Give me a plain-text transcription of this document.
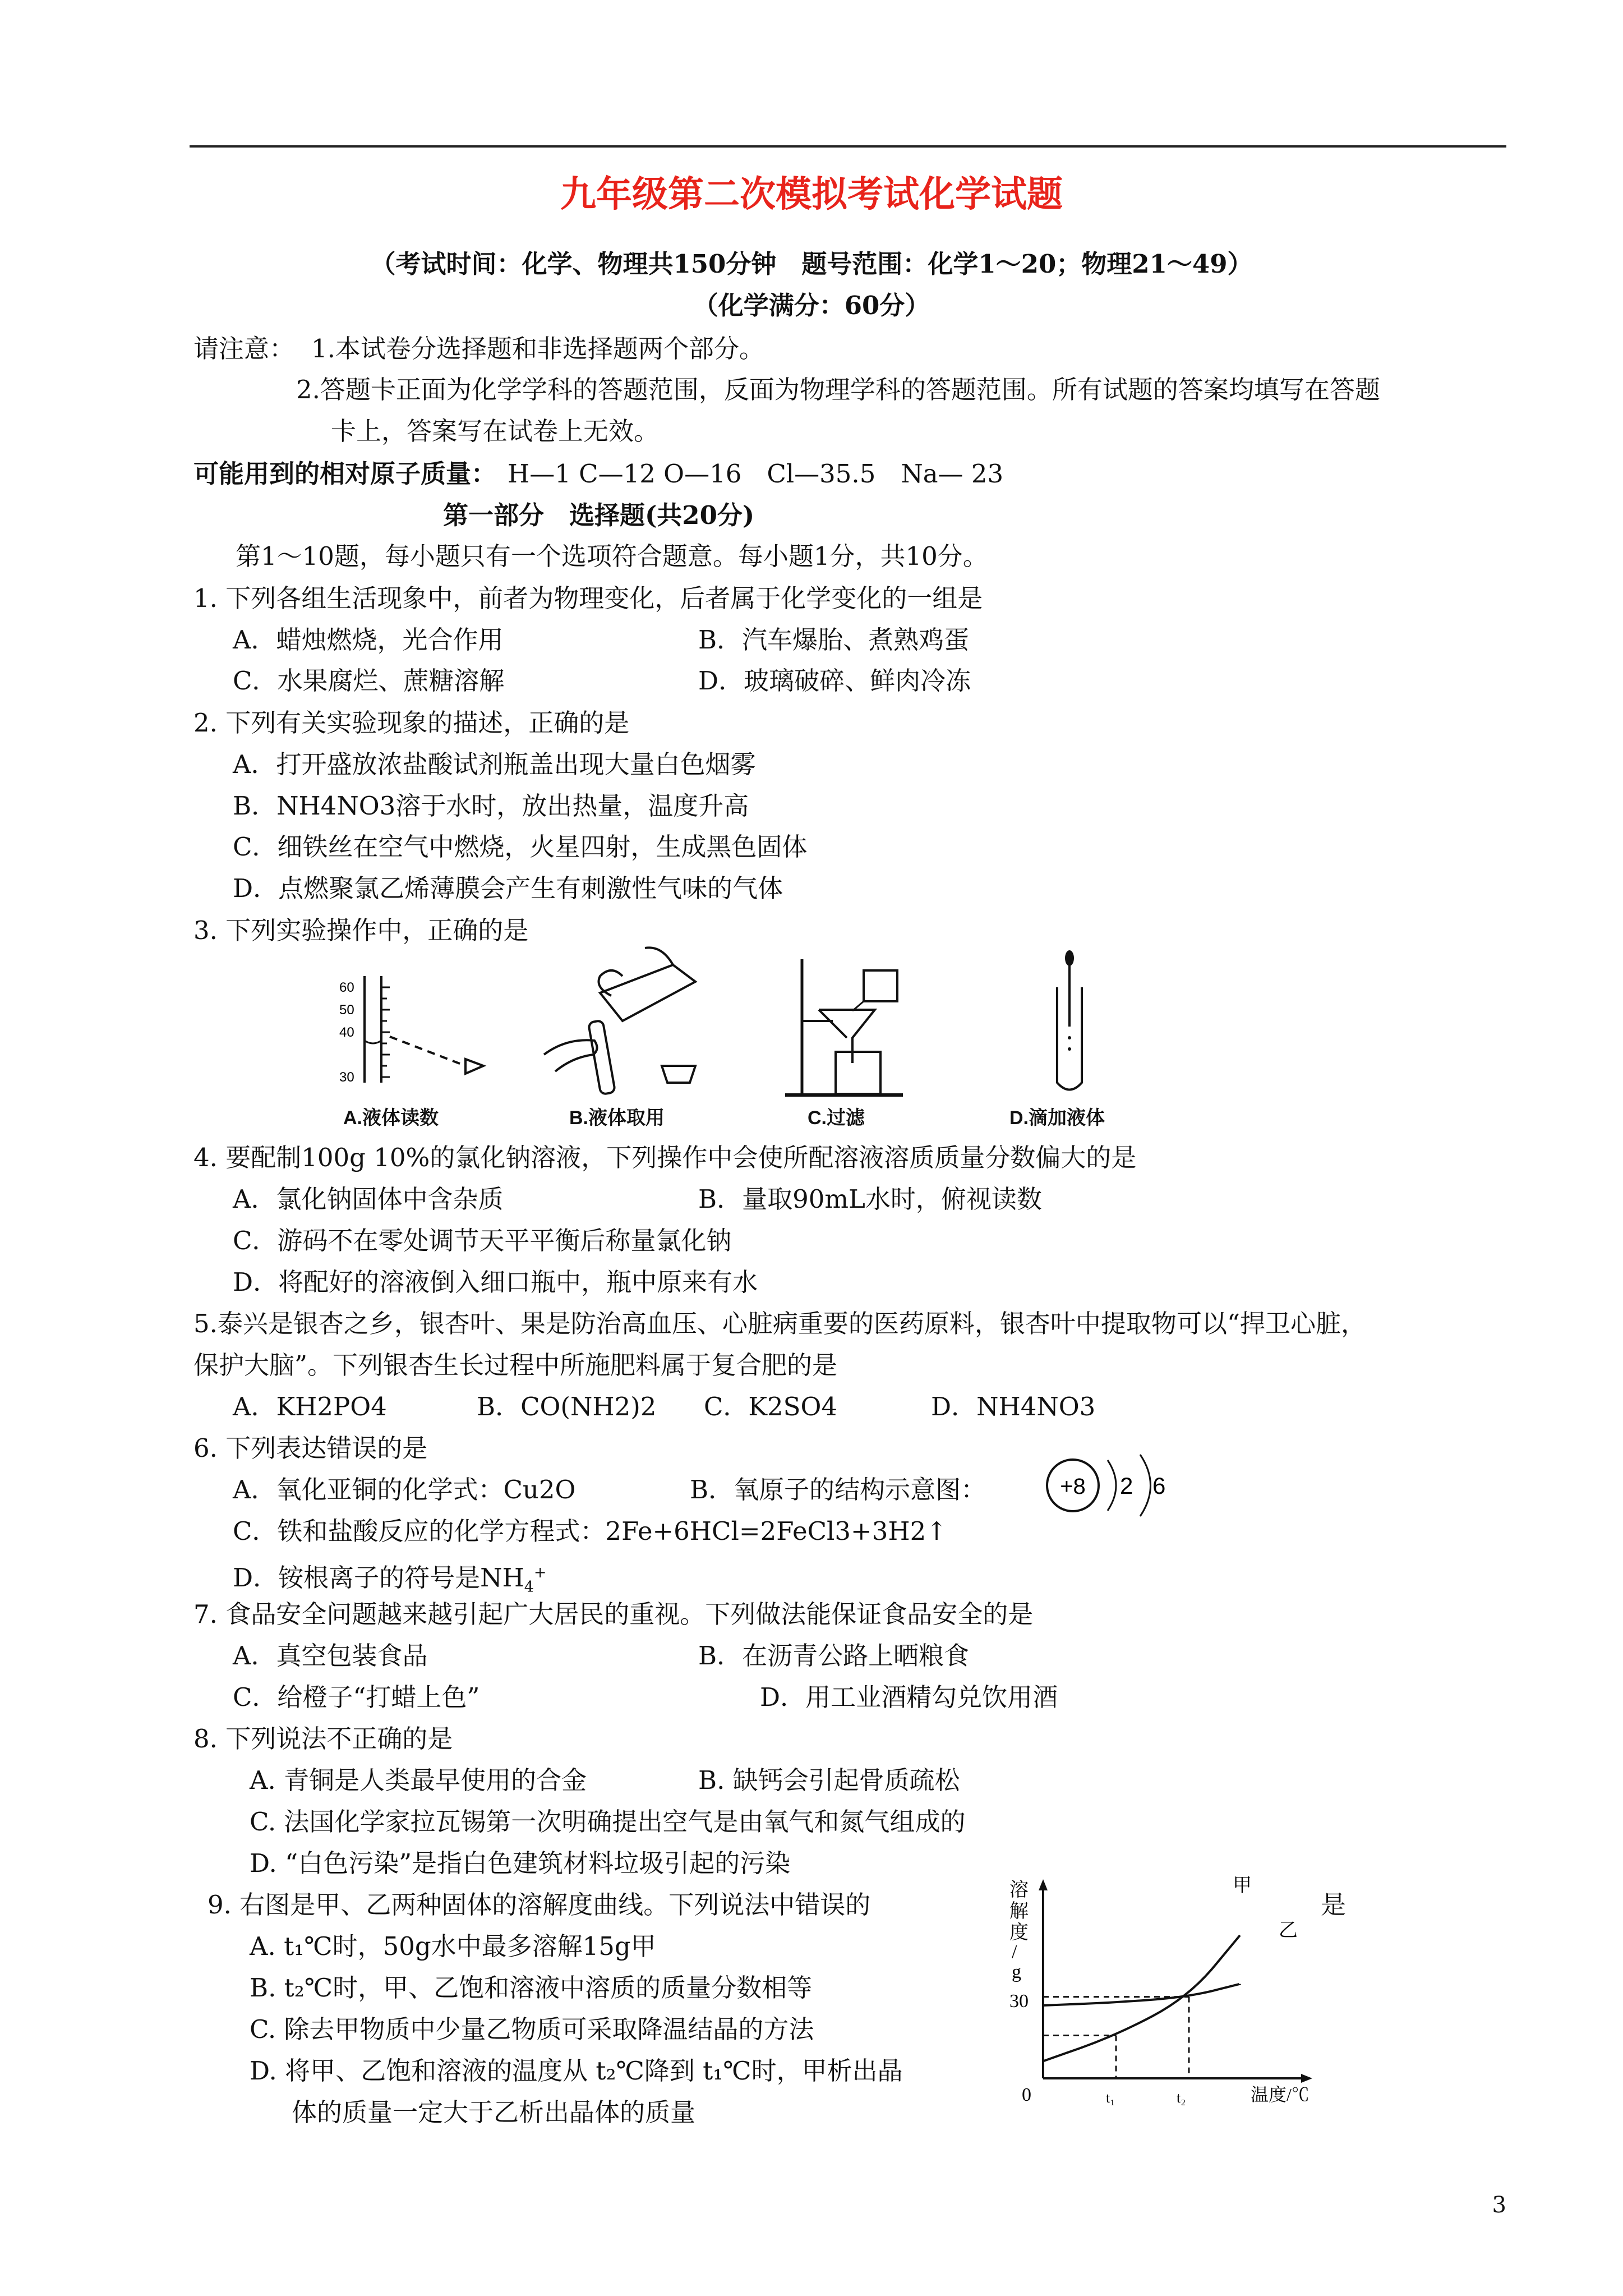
九年级第二次模拟考试化学试题
（考试时间：化学、物理共150分钟　题号范围：化学1～20；物理21～49）
（化学满分：60分）
请注意： 1.本试卷分选择题和非选择题两个部分。
2.答题卡正面为化学学科的答题范围，反面为物理学科的答题范围。所有试题的答案均填写在答题
卡上，答案写在试卷上无效。
可能用到的相对原子质量： H—1 C—12 O—16　Cl—35.5　Na— 23
第一部分　选择题(共20分)
第1～10题，每小题只有一个选项符合题意。每小题1分，共10分。
1. 下列各组生活现象中，前者为物理变化，后者属于化学变化的一组是
A．蜡烛燃烧，光合作用	B．汽车爆胎、煮熟鸡蛋
C．水果腐烂、蔗糖溶解	D．玻璃破碎、鲜肉冷冻
2. 下列有关实验现象的描述，正确的是
A．打开盛放浓盐酸试剂瓶盖出现大量白色烟雾
B．NH4NO3溶于水时，放出热量，温度升高
C．细铁丝在空气中燃烧，火星四射，生成黑色固体
D．点燃聚氯乙烯薄膜会产生有刺激性气味的气体
3. 下列实验操作中，正确的是
60
50
40
30
A.液体读数	B.液体取用	C.过滤	D.滴加液体
4. 要配制100g 10%的氯化钠溶液，下列操作中会使所配溶液溶质质量分数偏大的是
A．氯化钠固体中含杂质	B．量取90mL水时，俯视读数
C．游码不在零处调节天平平衡后称量氯化钠
D．将配好的溶液倒入细口瓶中，瓶中原来有水
5.泰兴是银杏之乡，银杏叶、果是防治高血压、心脏病重要的医药原料，银杏叶中提取物可以“捍卫心脏，
保护大脑”。下列银杏生长过程中所施肥料属于复合肥的是
A．KH2PO4	B．CO(NH2)2 C．K2SO4	D．NH4NO3
6. 下列表达错误的是
A．氧化亚铜的化学式：Cu2O	B．氧原子的结构示意图：	+8 2 6
C．铁和盐酸反应的化学方程式：2Fe+6HCl=2FeCl3+3H2↑
D．铵根离子的符号是$NH_4^+$
7. 食品安全问题越来越引起广大居民的重视。下列做法能保证食品安全的是
A．真空包装食品	B．在沥青公路上晒粮食
C．给橙子“打蜡上色”	D．用工业酒精勾兑饮用酒
8. 下列说法不正确的是
A. 青铜是人类最早使用的合金	B. 缺钙会引起骨质疏松
C. 法国化学家拉瓦锡第一次明确提出空气是由氧气和氮气组成的
D. “白色污染”是指白色建筑材料垃圾引起的污染
9. 右图是甲、乙两种固体的溶解度曲线。下列说法中错误的	是
A. t₁℃时，50g水中最多溶解15g甲
B. t₂℃时，甲、乙饱和溶液中溶质的质量分数相等
C. 除去甲物质中少量乙物质可采取降温结晶的方法
D. 将甲、乙饱和溶液的温度从 t₂℃降到 t₁℃时，甲析出晶
体的质量一定大于乙析出晶体的质量
溶
解
度
/
g
0	温度/℃
30
t₁	t₂
甲
乙
3
